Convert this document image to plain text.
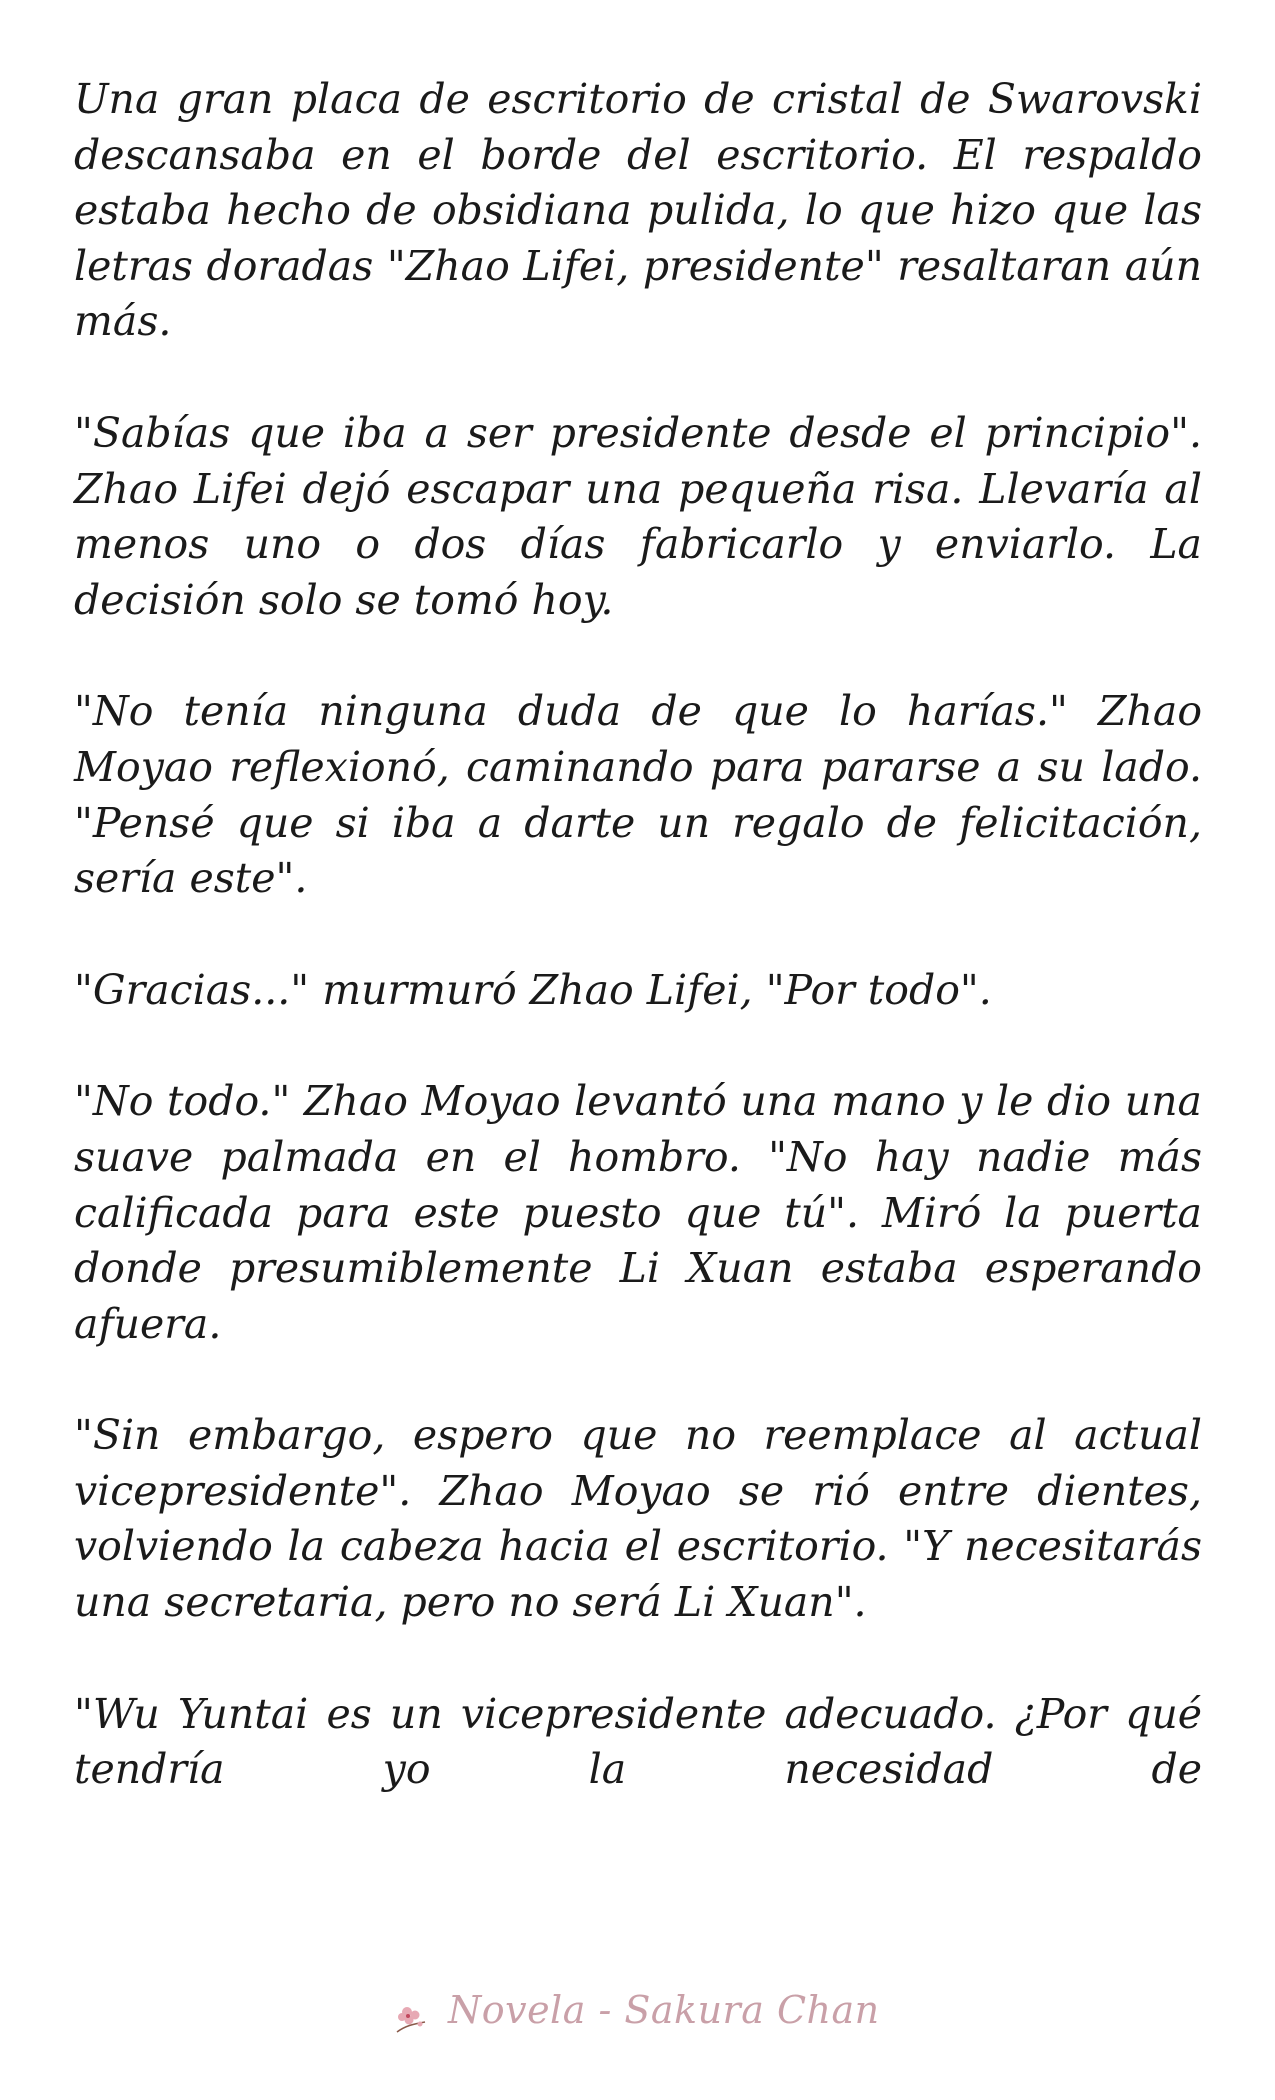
Una gran placa de escritorio de cristal de Swarovski descansaba en el borde del escritorio. El respaldo estaba hecho de obsidiana pulida, lo que hizo que las letras doradas "Zhao Lifei, presidente" resaltaran aún más.

"Sabías que iba a ser presidente desde el principio". Zhao Lifei dejó escapar una pequeña risa. Llevaría al menos uno o dos días fabricarlo y enviarlo. La decisión solo se tomó hoy.

"No tenía ninguna duda de que lo harías." Zhao Moyao reflexionó, caminando para pararse a su lado. "Pensé que si iba a darte un regalo de felicitación, sería este".

"Gracias..." murmuró Zhao Lifei, "Por todo".

"No todo." Zhao Moyao levantó una mano y le dio una suave palmada en el hombro. "No hay nadie más calificada para este puesto que tú". Miró la puerta donde presumiblemente Li Xuan estaba esperando afuera.

"Sin embargo, espero que no reemplace al actual vicepresidente". Zhao Moyao se rió entre dientes, volviendo la cabeza hacia el escritorio. "Y necesitarás una secretaria, pero no será Li Xuan".

"Wu Yuntai es un vicepresidente adecuado. ¿Por qué tendría yo la necesidad de

Novela - Sakura Chan
